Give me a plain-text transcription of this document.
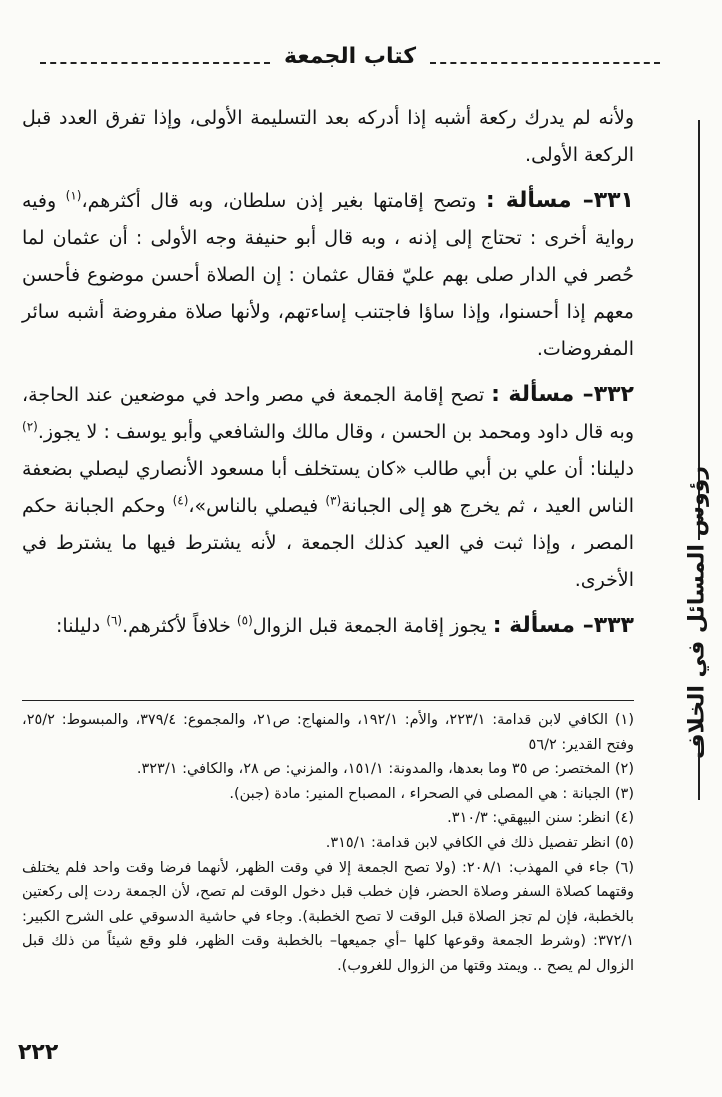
كتاب الجمعة
رؤوس المسائل في الخلاف

ولأنه لم يدرك ركعة أشبه إذا أدركه بعد التسليمة الأولى، وإذا تفرق العدد قبل الركعة الأولى.

٣٣١– مسألة : وتصح إقامتها بغير إذن سلطان، وبه قال أكثرهم،$^{(١)}$ وفيه رواية أخرى : تحتاج إلى إذنه ، وبه قال أبو حنيفة وجه الأولى : أن عثمان لما حُصر في الدار صلى بهم عليّ فقال عثمان : إن الصلاة أحسن موضوع فأحسن معهم إذا أحسنوا، وإذا ساؤا فاجتنب إساءتهم، ولأنها صلاة مفروضة أشبه سائر المفروضات.

٣٣٢– مسألة : تصح إقامة الجمعة في مصر واحد في موضعين عند الحاجة، وبه قال داود ومحمد بن الحسن ، وقال مالك والشافعي وأبو يوسف : لا يجوز.$^{(٢)}$ دليلنا: أن علي بن أبي طالب «كان يستخلف أبا مسعود الأنصاري ليصلي بضعفة الناس العيد ، ثم يخرج هو إلى الجبانة$^{(٣)}$ فيصلي بالناس»،$^{(٤)}$ وحكم الجبانة حكم المصر ، وإذا ثبت في العيد كذلك الجمعة ، لأنه يشترط فيها ما يشترط في الأخرى.

٣٣٣– مسألة : يجوز إقامة الجمعة قبل الزوال$^{(٥)}$ خلافاً لأكثرهم.$^{(٦)}$ دليلنا:

(١) الكافي لابن قدامة: ٢٢٣/١، والأم: ١٩٢/١، والمنهاج: ص٢١، والمجموع: ٣٧٩/٤، والمبسوط: ٢٥/٢، وفتح القدير: ٥٦/٢

(٢) المختصر: ص ٣٥ وما بعدها، والمدونة: ١٥١/١، والمزني: ص ٢٨، والكافي: ٣٢٣/١.

(٣) الجبانة : هي المصلى في الصحراء ، المصباح المنير: مادة (جبن).

(٤) انظر: سنن البيهقي: ٣١٠/٣.

(٥) انظر تفصيل ذلك في الكافي لابن قدامة: ٣١٥/١.

(٦) جاء في المهذب: ٢٠٨/١: (ولا تصح الجمعة إلا في وقت الظهر، لأنهما فرضا وقت واحد فلم يختلف وقتهما كصلاة السفر وصلاة الحضر، فإن خطب قبل دخول الوقت لم تصح، لأن الجمعة ردت إلى ركعتين بالخطبة، فإن لم تجز الصلاة قبل الوقت لا تصح الخطبة). وجاء في حاشية الدسوقي على الشرح الكبير: ٣٧٢/١: (وشرط الجمعة وقوعها كلها –أي جميعها– بالخطبة وقت الظهر، فلو وقع شيئاً من ذلك قبل الزوال لم يصح .. ويمتد وقتها من الزوال للغروب).

٢٢٢
